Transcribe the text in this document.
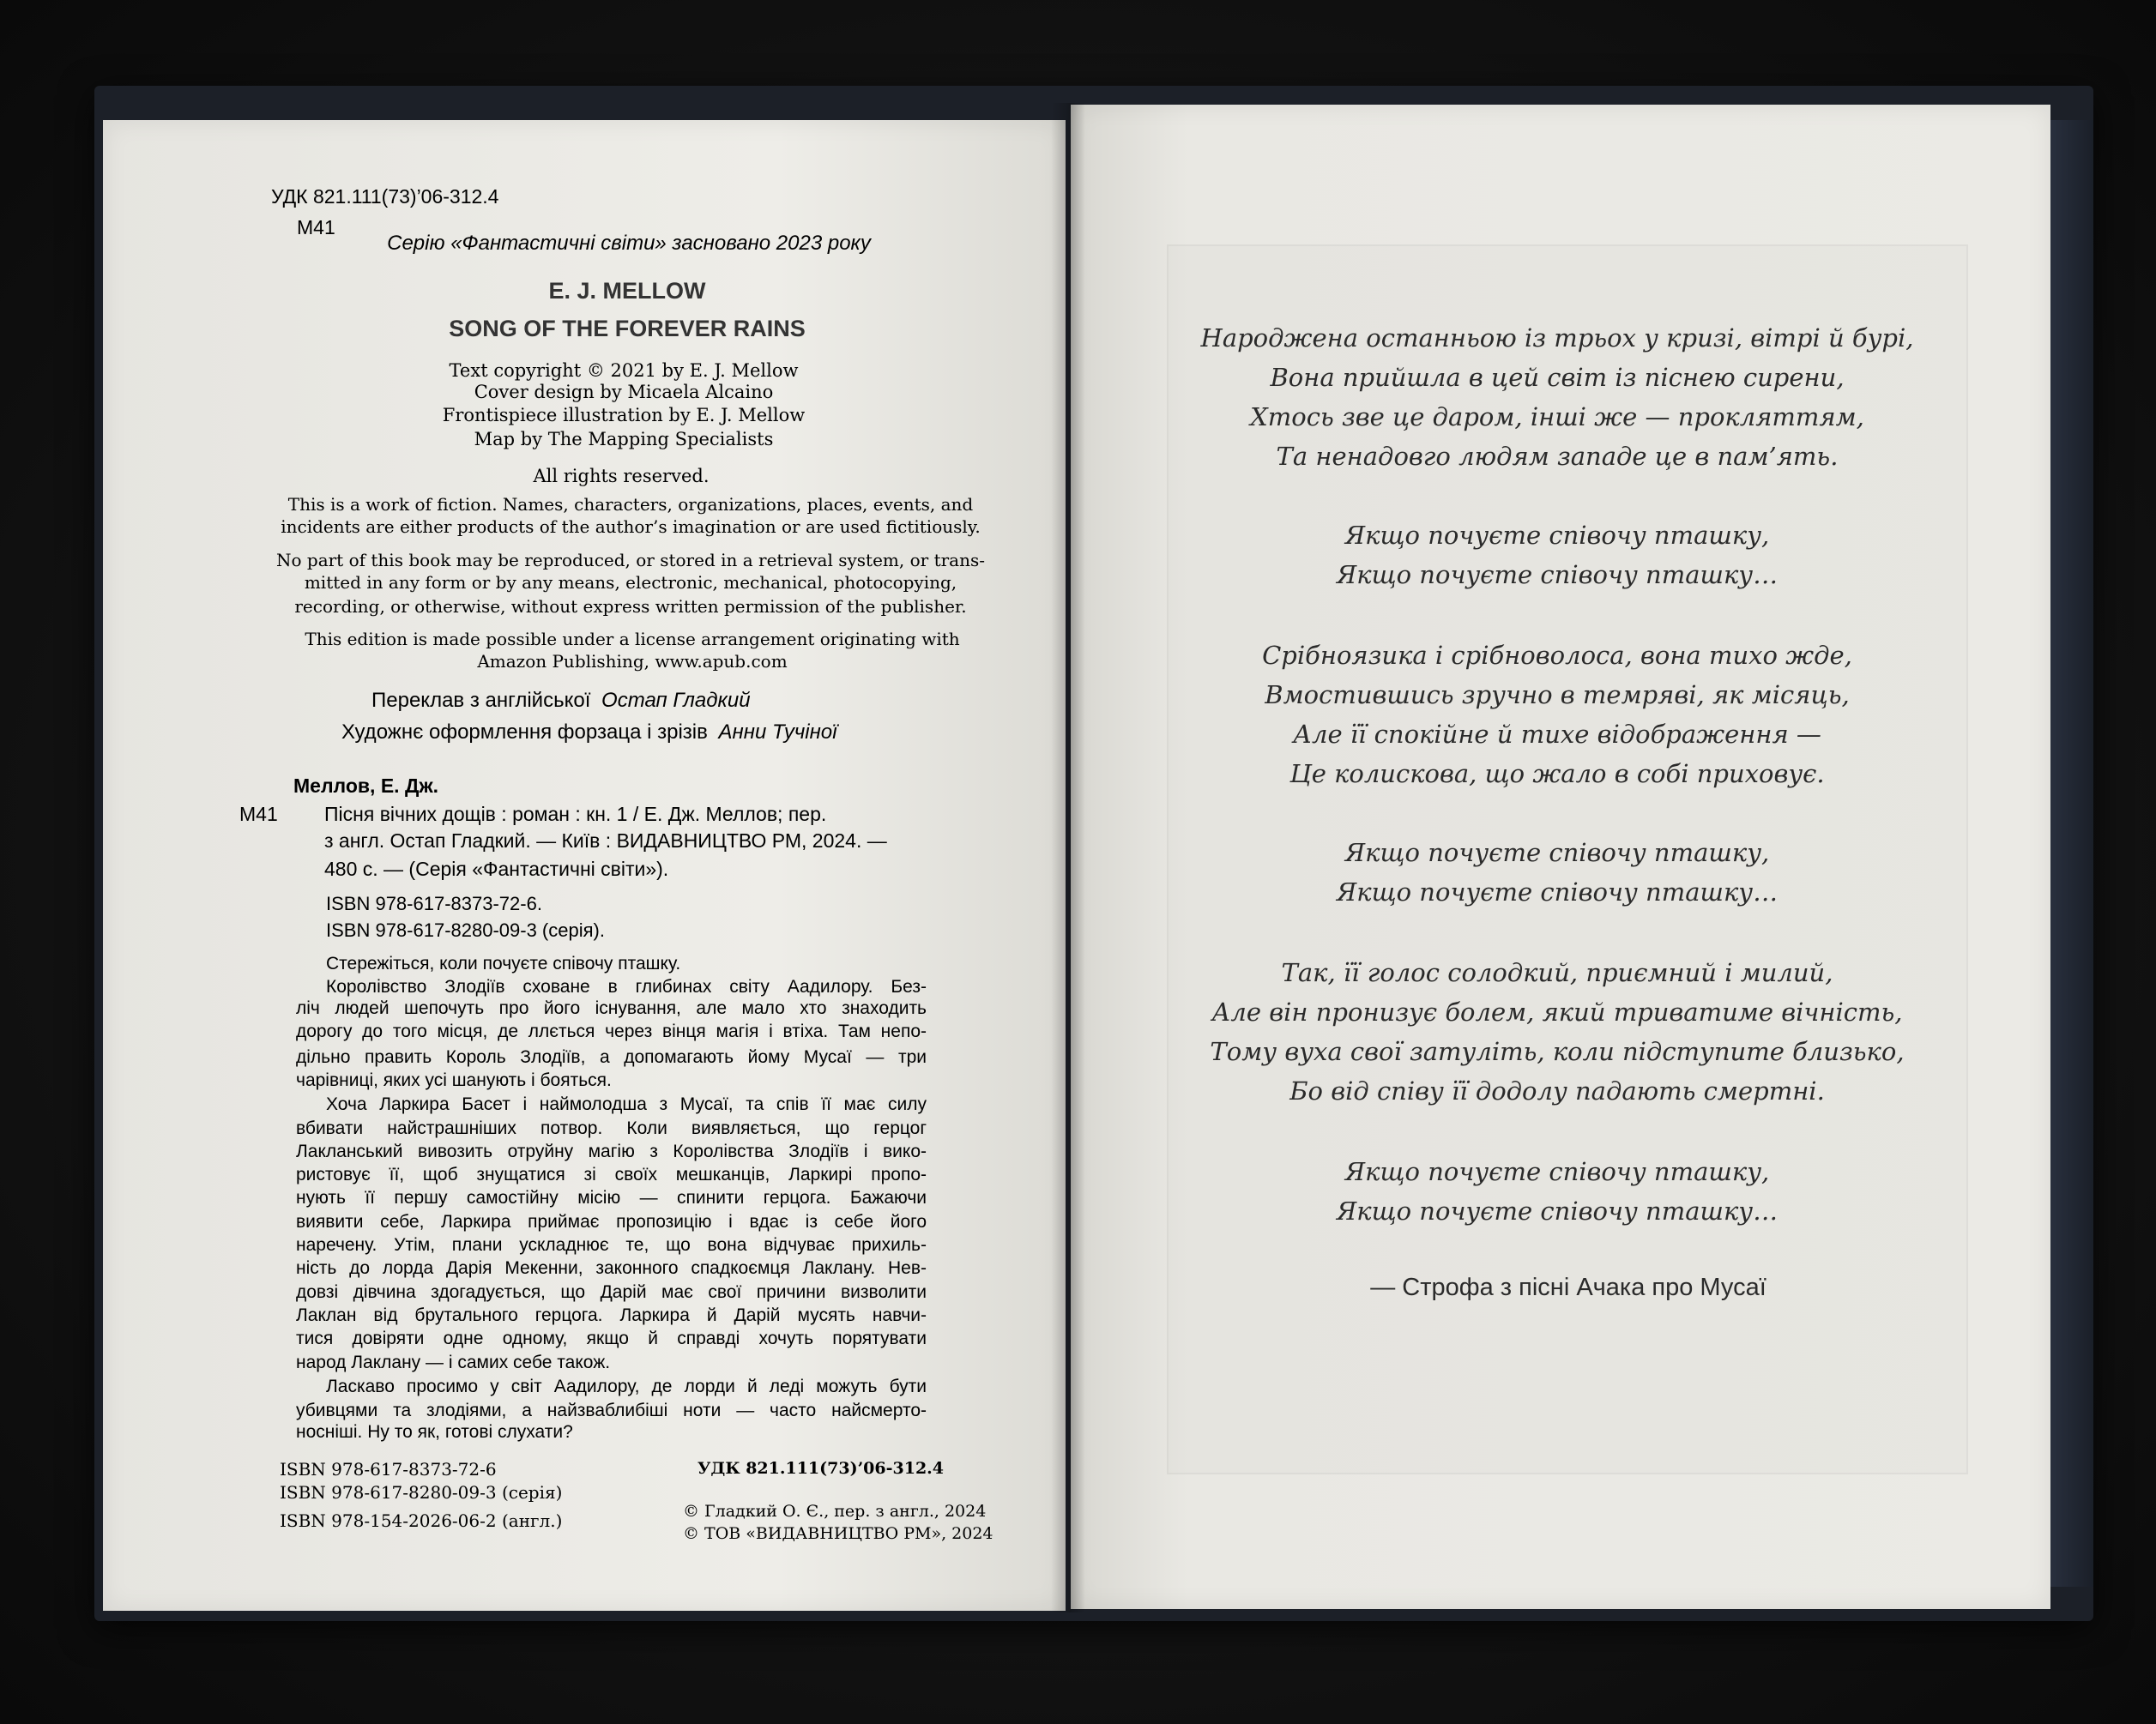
УДК 821.111(73)’06-312.4
М41
Серію «Фантастичні світи» засновано 2023 року
E. J. MELLOW
SONG OF THE FOREVER RAINS
Text copyright © 2021 by E. J. Mellow
Cover design by Micaela Alcaino
Frontispiece illustration by E. J. Mellow
Map by The Mapping Specialists
All rights reserved.
This is a work of fiction. Names, characters, organizations, places, events, and
incidents are either products of the author’s imagination or are used fictitiously.
No part of this book may be reproduced, or stored in a retrieval system, or trans-
mitted in any form or by any means, electronic, mechanical, photocopying,
recording, or otherwise, without express written permission of the publisher.
This edition is made possible under a license arrangement originating with
Amazon Publishing, www.apub.com
Переклав з англійської Остап Гладкий
Художнє оформлення форзаца і зрізів Анни Тучіної
Меллов, Е. Дж.
М41 Пісня вічних дощів : роман : кн. 1 / Е. Дж. Меллов; пер.
з англ. Остап Гладкий. — Київ : ВИДАВНИЦТВО РМ, 2024. —
480 с. — (Серія «Фантастичні світи»).
ISBN 978-617-8373-72-6.
ISBN 978-617-8280-09-3 (серія).
Стережіться, коли почуєте співочу пташку.
Королівство Злодіїв сховане в глибинах світу Аадилору. Без-
ліч людей шепочуть про його існування, але мало хто знаходить
дорогу до того місця, де ллється через вінця магія і втіха. Там непо-
дільно править Король Злодіїв, а допомагають йому Мусаї — три
чарівниці, яких усі шанують і бояться.
Хоча Ларкира Басет і наймолодша з Мусаї, та спів її має силу
вбивати найстрашніших потвор. Коли виявляється, що герцог
Лакланський вивозить отруйну магію з Королівства Злодіїв і вико-
ристовує її, щоб знущатися зі своїх мешканців, Ларкирі пропо-
нують її першу самостійну місію — спинити герцога. Бажаючи
виявити себе, Ларкира приймає пропозицію і вдає із себе його
наречену. Утім, плани ускладнює те, що вона відчуває прихиль-
ність до лорда Дарія Мекенни, законного спадкоємця Лаклану. Нев-
довзі дівчина здогадується, що Дарій має свої причини визволити
Лаклан від брутального герцога. Ларкира й Дарій мусять навчи-
тися довіряти одне одному, якщо й справді хочуть порятувати
народ Лаклану — і самих себе також.
Ласкаво просимо у світ Аадилору, де лорди й леді можуть бути
убивцями та злодіями, а найзваблибіші ноти — часто найсмерто-
носніші. Ну то як, готові слухати?
ISBN 978-617-8373-72-6
ISBN 978-617-8280-09-3 (серія)
ISBN 978-154-2026-06-2 (англ.)
УДК 821.111(73)’06-312.4
© Гладкий О. Є., пер. з англ., 2024
© ТОВ «ВИДАВНИЦТВО РМ», 2024
Народжена останньою із трьох у кризі, вітрі й бурі,
Вона прийшла в цей світ із піснею сирени,
Хтось зве це даром, інші же — прокляттям,
Та ненадовго людям западе це в пам’ять.
Якщо почуєте співочу пташку,
Якщо почуєте співочу пташку…
Срібноязика і срібноволоса, вона тихо жде,
Вмостившись зручно в темряві, як місяць,
Але її спокійне й тихе відображення —
Це колискова, що жало в собі приховує.
Якщо почуєте співочу пташку,
Якщо почуєте співочу пташку…
Так, її голос солодкий, приємний і милий,
Але він пронизує болем, який триватиме вічність,
Тому вуха свої затуліть, коли підступите близько,
Бо від співу її додолу падають смертні.
Якщо почуєте співочу пташку,
Якщо почуєте співочу пташку…
— Строфа з пісні Ачака про Мусаї
